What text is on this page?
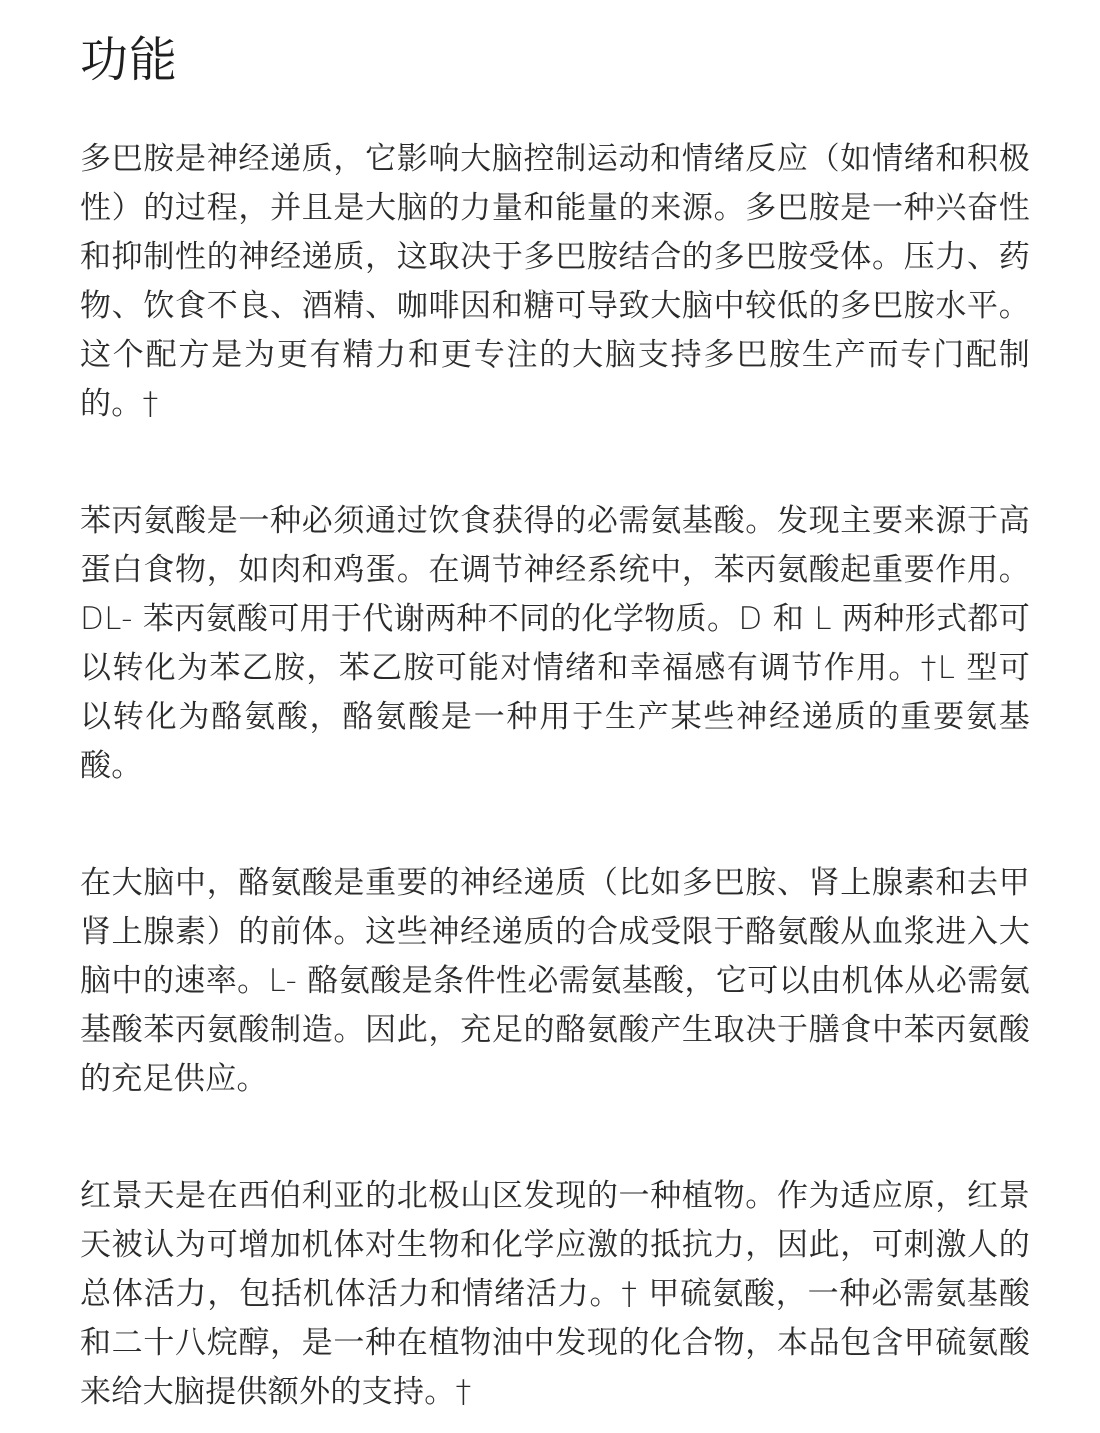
功能

多巴胺是神经递质，它影响大脑控制运动和情绪反应（如情绪和积极性）的过程，并且是大脑的力量和能量的来源。多巴胺是一种兴奋性和抑制性的神经递质，这取决于多巴胺结合的多巴胺受体。压力、药物、饮食不良、酒精、咖啡因和糖可导致大脑中较低的多巴胺水平。这个配方是为更有精力和更专注的大脑支持多巴胺生产而专门配制的。†

苯丙氨酸是一种必须通过饮食获得的必需氨基酸。发现主要来源于高蛋白食物，如肉和鸡蛋。在调节神经系统中，苯丙氨酸起重要作用。DL- 苯丙氨酸可用于代谢两种不同的化学物质。D 和 L 两种形式都可以转化为苯乙胺，苯乙胺可能对情绪和幸福感有调节作用。†L 型可以转化为酪氨酸，酪氨酸是一种用于生产某些神经递质的重要氨基酸。

在大脑中，酪氨酸是重要的神经递质（比如多巴胺、肾上腺素和去甲肾上腺素）的前体。这些神经递质的合成受限于酪氨酸从血浆进入大脑中的速率。L- 酪氨酸是条件性必需氨基酸，它可以由机体从必需氨基酸苯丙氨酸制造。因此，充足的酪氨酸产生取决于膳食中苯丙氨酸的充足供应。

红景天是在西伯利亚的北极山区发现的一种植物。作为适应原，红景天被认为可增加机体对生物和化学应激的抵抗力，因此，可刺激人的总体活力，包括机体活力和情绪活力。† 甲硫氨酸，一种必需氨基酸和二十八烷醇，是一种在植物油中发现的化合物，本品包含甲硫氨酸来给大脑提供额外的支持。†
